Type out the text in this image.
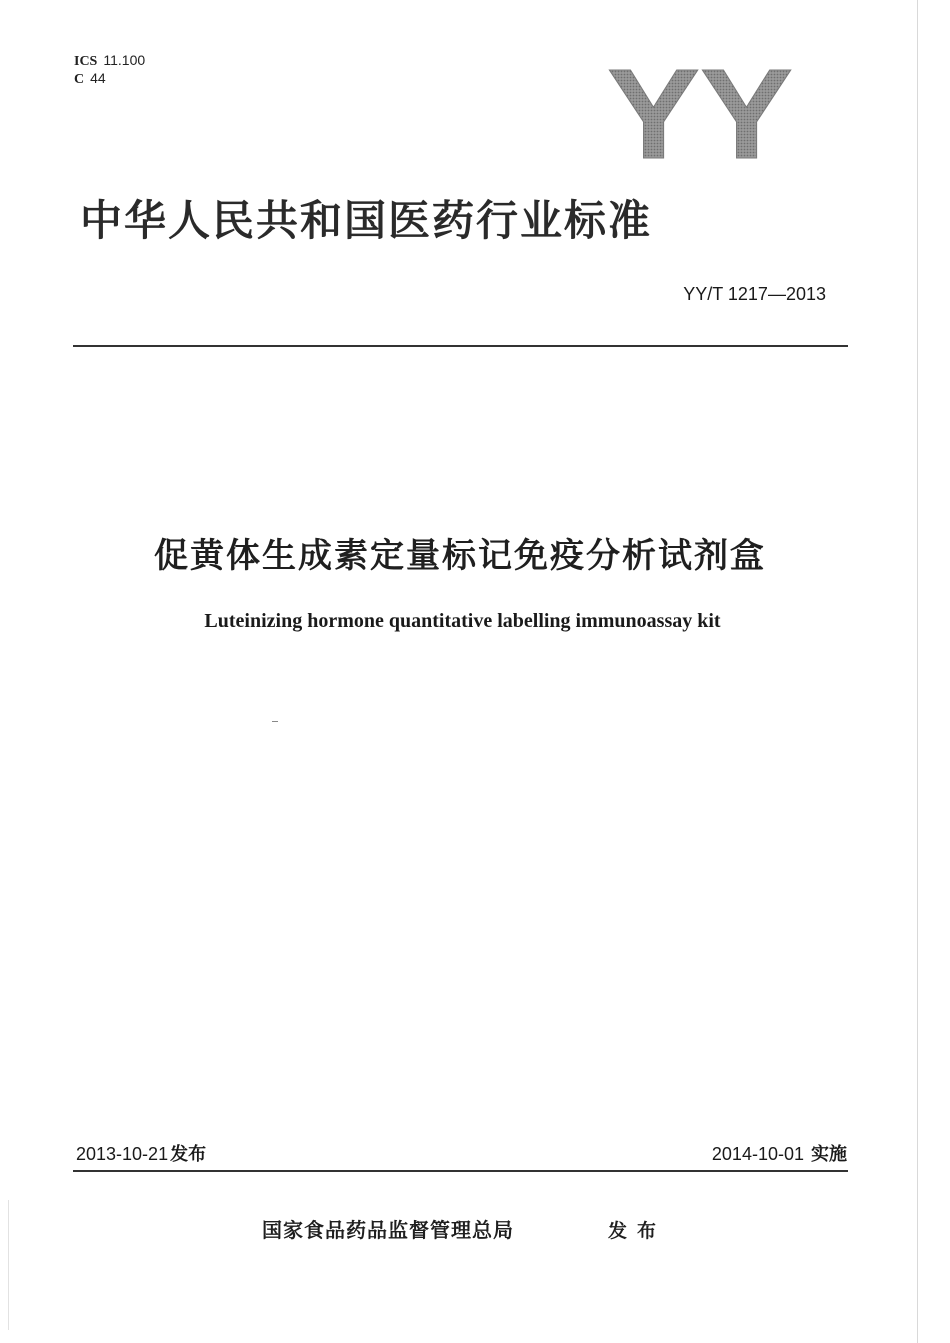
ICS 11.100
C 44	YY
中华人民共和国医药行业标准
YY/T 1217—2013
促黄体生成素定量标记免疫分析试剂盒
Luteinizing hormone quantitative labelling immunoassay kit
2013-10-21 发布	2014-10-01 实施
国家食品药品监督管理总局	发布
